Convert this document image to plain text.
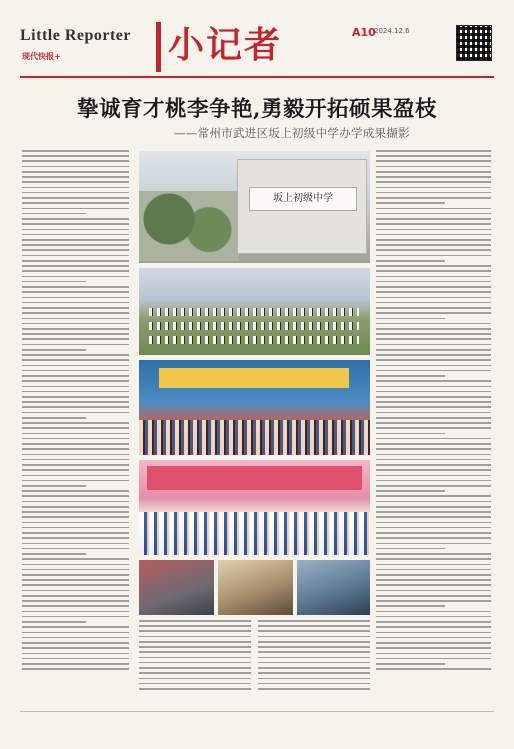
Little Reporter
现代快报+	小记者	A10
2024.12.6
挚诚育才桃李争艳,勇毅开拓硕果盈枝
——常州市武进区坂上初级中学办学成果撷影
坂上初级中学
